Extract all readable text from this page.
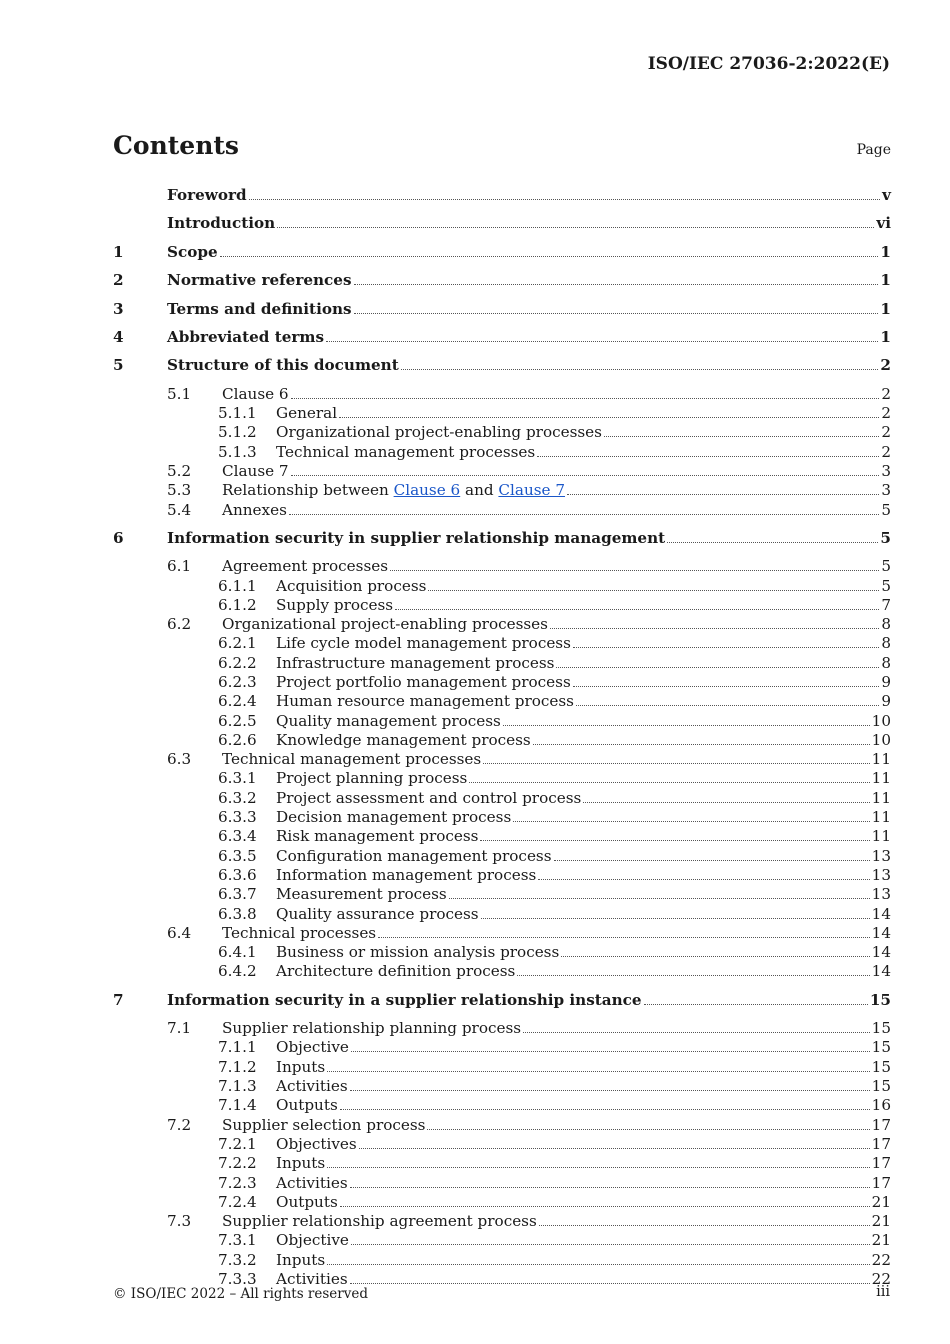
ISO/IEC 27036-2:2022(E)
Contents	Page
Foreword	v
Introduction	vi
1	Scope	1
2	Normative references	1
3	Terms and definitions	1
4	Abbreviated terms	1
5	Structure of this document	2
5.1	Clause 6	2
5.1.1	General	2
5.1.2	Organizational project-enabling processes	2
5.1.3	Technical management processes	2
5.2	Clause 7	3
5.3	Relationship between Clause 6 and Clause 7	3
5.4	Annexes	5
6	Information security in supplier relationship management	5
6.1	Agreement processes	5
6.1.1	Acquisition process	5
6.1.2	Supply process	7
6.2	Organizational project-enabling processes	8
6.2.1	Life cycle model management process	8
6.2.2	Infrastructure management process	8
6.2.3	Project portfolio management process	9
6.2.4	Human resource management process	9
6.2.5	Quality management process	10
6.2.6	Knowledge management process	10
6.3	Technical management processes	11
6.3.1	Project planning process	11
6.3.2	Project assessment and control process	11
6.3.3	Decision management process	11
6.3.4	Risk management process	11
6.3.5	Configuration management process	13
6.3.6	Information management process	13
6.3.7	Measurement process	13
6.3.8	Quality assurance process	14
6.4	Technical processes	14
6.4.1	Business or mission analysis process	14
6.4.2	Architecture definition process	14
7	Information security in a supplier relationship instance	15
7.1	Supplier relationship planning process	15
7.1.1	Objective	15
7.1.2	Inputs	15
7.1.3	Activities	15
7.1.4	Outputs	16
7.2	Supplier selection process	17
7.2.1	Objectives	17
7.2.2	Inputs	17
7.2.3	Activities	17
7.2.4	Outputs	21
7.3	Supplier relationship agreement process	21
7.3.1	Objective	21
7.3.2	Inputs	22
7.3.3	Activities	22
© ISO/IEC 2022 – All rights reserved	iii
